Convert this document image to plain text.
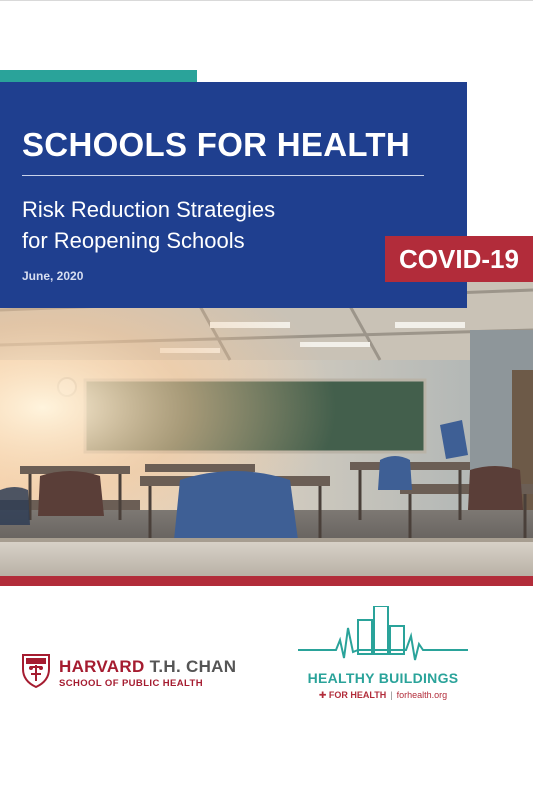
SCHOOLS FOR HEALTH
Risk Reduction Strategies
for Reopening Schools
June, 2020
COVID-19
HARVARD T.H. CHAN
SCHOOL OF PUBLIC HEALTH	HEALTHY BUILDINGS
✚ FOR HEALTH | forhealth.org
